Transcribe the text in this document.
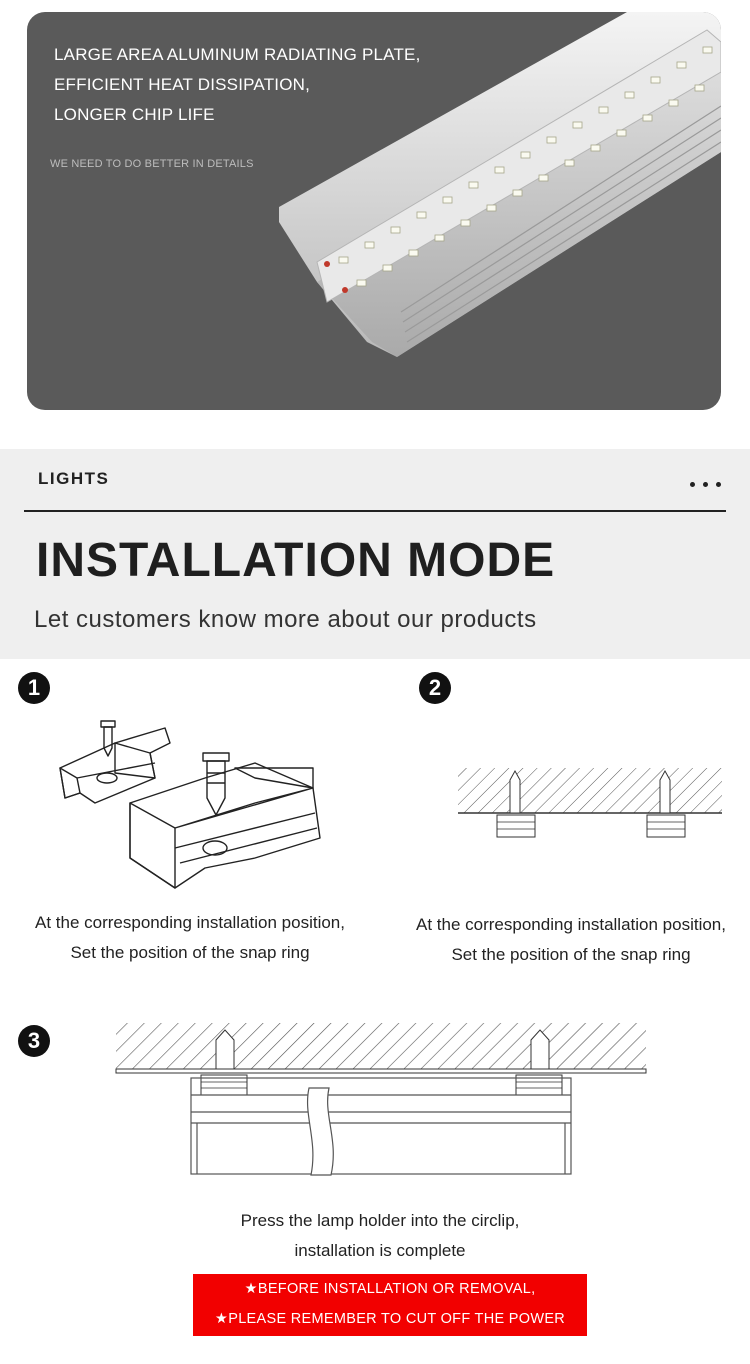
LARGE AREA ALUMINUM RADIATING PLATE,
EFFICIENT HEAT DISSIPATION,
LONGER CHIP LIFE
WE NEED TO DO BETTER IN DETAILS
LIGHTS
INSTALLATION MODE
Let customers know more about our products
1
At the corresponding installation position,
Set the position of the snap ring
2
At the corresponding installation position,
Set the position of the snap ring
3
Press the lamp holder into the circlip,
installation is complete
★BEFORE INSTALLATION OR REMOVAL,
★PLEASE REMEMBER TO CUT OFF THE POWER FIRST!
